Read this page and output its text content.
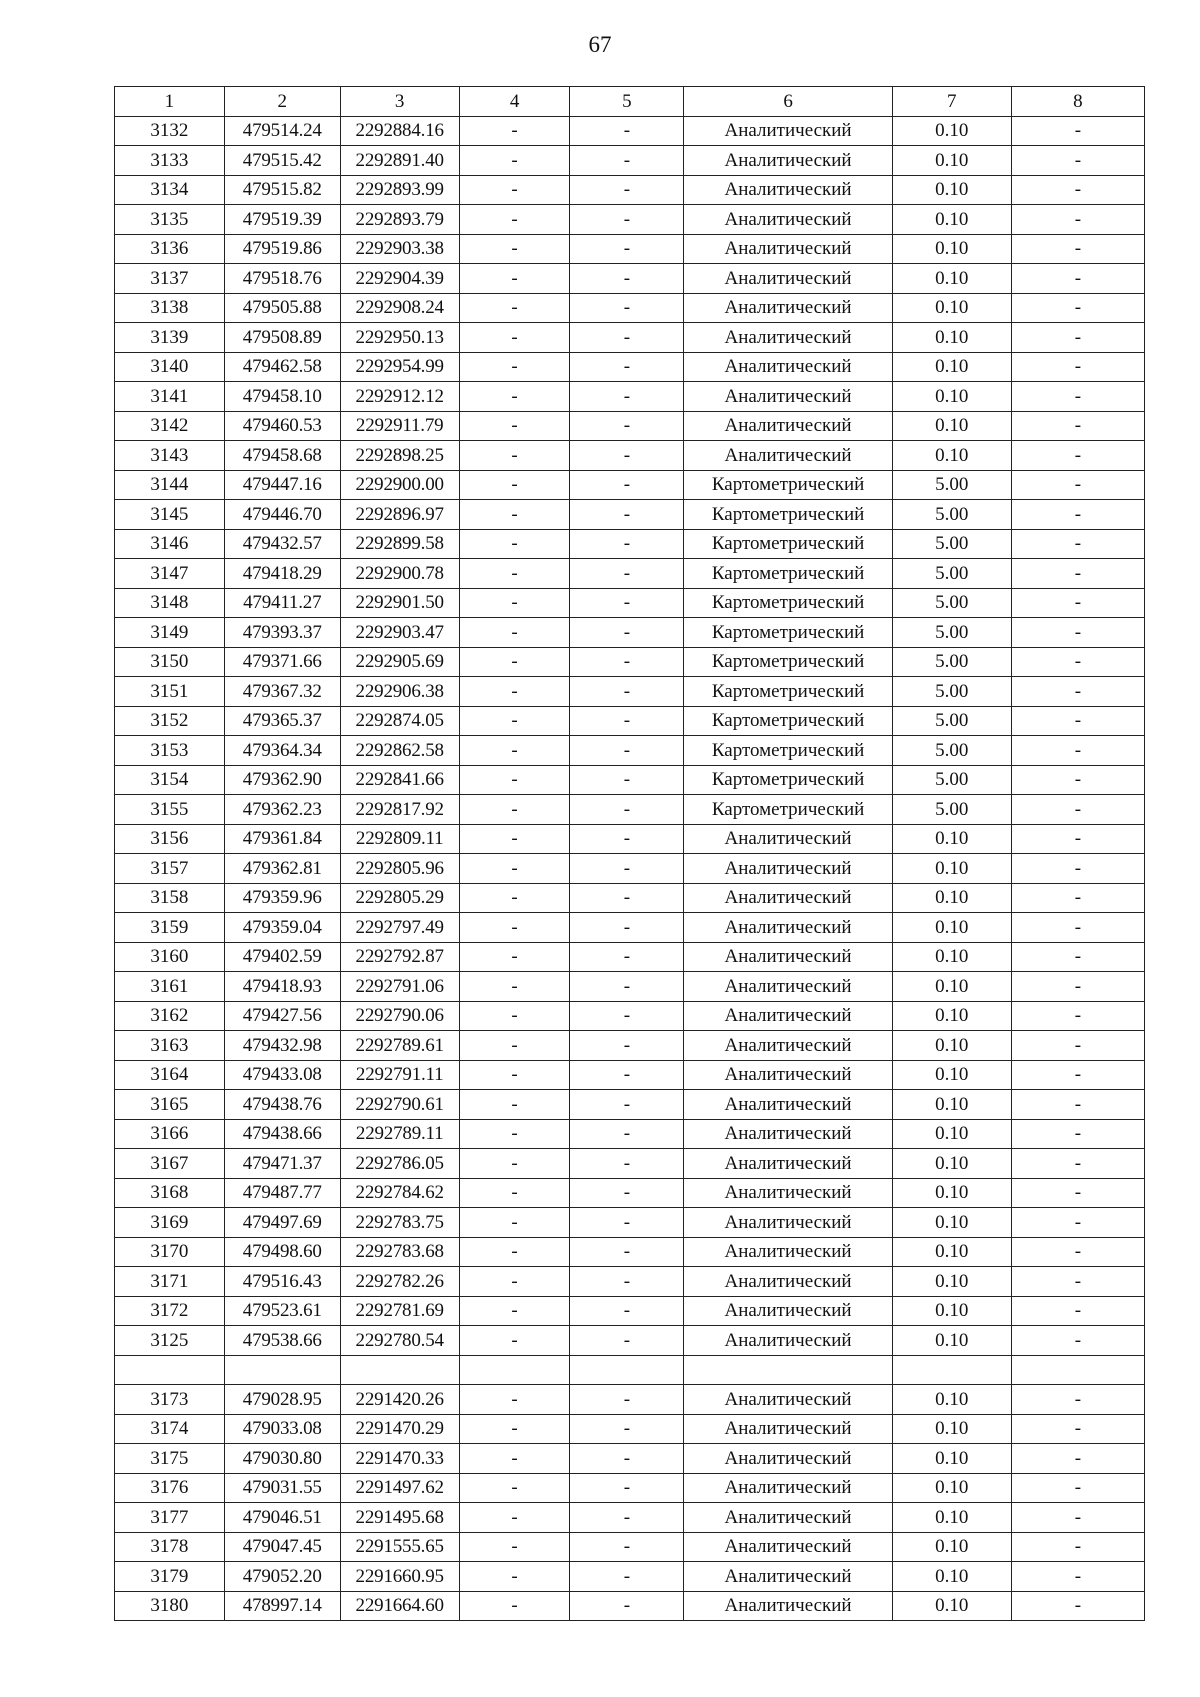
67
1	2	3	4	5	6	7	8
3132	479514.24	2292884.16	-	-	Аналитический	0.10	-
3133	479515.42	2292891.40	-	-	Аналитический	0.10	-
3134	479515.82	2292893.99	-	-	Аналитический	0.10	-
3135	479519.39	2292893.79	-	-	Аналитический	0.10	-
3136	479519.86	2292903.38	-	-	Аналитический	0.10	-
3137	479518.76	2292904.39	-	-	Аналитический	0.10	-
3138	479505.88	2292908.24	-	-	Аналитический	0.10	-
3139	479508.89	2292950.13	-	-	Аналитический	0.10	-
3140	479462.58	2292954.99	-	-	Аналитический	0.10	-
3141	479458.10	2292912.12	-	-	Аналитический	0.10	-
3142	479460.53	2292911.79	-	-	Аналитический	0.10	-
3143	479458.68	2292898.25	-	-	Аналитический	0.10	-
3144	479447.16	2292900.00	-	-	Картометрический	5.00	-
3145	479446.70	2292896.97	-	-	Картометрический	5.00	-
3146	479432.57	2292899.58	-	-	Картометрический	5.00	-
3147	479418.29	2292900.78	-	-	Картометрический	5.00	-
3148	479411.27	2292901.50	-	-	Картометрический	5.00	-
3149	479393.37	2292903.47	-	-	Картометрический	5.00	-
3150	479371.66	2292905.69	-	-	Картометрический	5.00	-
3151	479367.32	2292906.38	-	-	Картометрический	5.00	-
3152	479365.37	2292874.05	-	-	Картометрический	5.00	-
3153	479364.34	2292862.58	-	-	Картометрический	5.00	-
3154	479362.90	2292841.66	-	-	Картометрический	5.00	-
3155	479362.23	2292817.92	-	-	Картометрический	5.00	-
3156	479361.84	2292809.11	-	-	Аналитический	0.10	-
3157	479362.81	2292805.96	-	-	Аналитический	0.10	-
3158	479359.96	2292805.29	-	-	Аналитический	0.10	-
3159	479359.04	2292797.49	-	-	Аналитический	0.10	-
3160	479402.59	2292792.87	-	-	Аналитический	0.10	-
3161	479418.93	2292791.06	-	-	Аналитический	0.10	-
3162	479427.56	2292790.06	-	-	Аналитический	0.10	-
3163	479432.98	2292789.61	-	-	Аналитический	0.10	-
3164	479433.08	2292791.11	-	-	Аналитический	0.10	-
3165	479438.76	2292790.61	-	-	Аналитический	0.10	-
3166	479438.66	2292789.11	-	-	Аналитический	0.10	-
3167	479471.37	2292786.05	-	-	Аналитический	0.10	-
3168	479487.77	2292784.62	-	-	Аналитический	0.10	-
3169	479497.69	2292783.75	-	-	Аналитический	0.10	-
3170	479498.60	2292783.68	-	-	Аналитический	0.10	-
3171	479516.43	2292782.26	-	-	Аналитический	0.10	-
3172	479523.61	2292781.69	-	-	Аналитический	0.10	-
3125	479538.66	2292780.54	-	-	Аналитический	0.10	-

3173	479028.95	2291420.26	-	-	Аналитический	0.10	-
3174	479033.08	2291470.29	-	-	Аналитический	0.10	-
3175	479030.80	2291470.33	-	-	Аналитический	0.10	-
3176	479031.55	2291497.62	-	-	Аналитический	0.10	-
3177	479046.51	2291495.68	-	-	Аналитический	0.10	-
3178	479047.45	2291555.65	-	-	Аналитический	0.10	-
3179	479052.20	2291660.95	-	-	Аналитический	0.10	-
3180	478997.14	2291664.60	-	-	Аналитический	0.10	-
